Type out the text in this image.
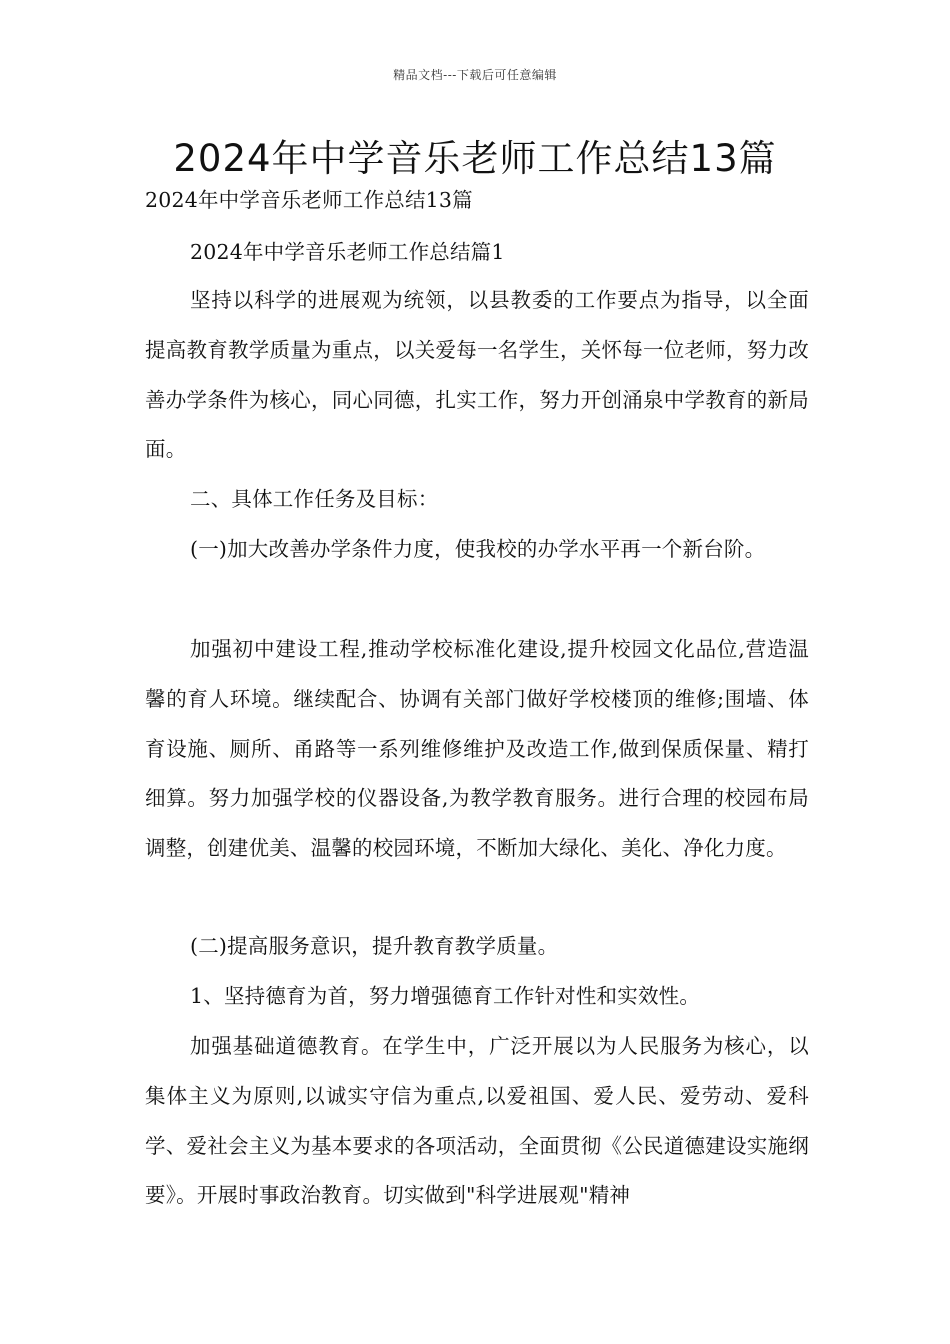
精品文档---下载后可任意编辑
2024年中学音乐老师工作总结13篇
2024年中学音乐老师工作总结13篇
2024年中学音乐老师工作总结篇1
坚持以科学的进展观为统领，以县教委的工作要点为指导，以全面提高教育教学质量为重点，以关爱每一名学生，关怀每一位老师，努力改善办学条件为核心，同心同德，扎实工作，努力开创涌泉中学教育的新局面。
二、具体工作任务及目标：
(一)加大改善办学条件力度，使我校的办学水平再一个新台阶。
加强初中建设工程,推动学校标准化建设,提升校园文化品位,营造温馨的育人环境。继续配合、协调有关部门做好学校楼顶的维修;围墙、体育设施、厕所、甬路等一系列维修维护及改造工作,做到保质保量、精打细算。努力加强学校的仪器设备,为教学教育服务。进行合理的校园布局调整，创建优美、温馨的校园环境，不断加大绿化、美化、净化力度。
(二)提高服务意识，提升教育教学质量。
1、坚持德育为首，努力增强德育工作针对性和实效性。
加强基础道德教育。在学生中，广泛开展以为人民服务为核心，以集体主义为原则,以诚实守信为重点,以爱祖国、爱人民、爱劳动、爱科学、爱社会主义为基本要求的各项活动，全面贯彻《公民道德建设实施纲要》。开展时事政治教育。切实做到"科学进展观"精神
